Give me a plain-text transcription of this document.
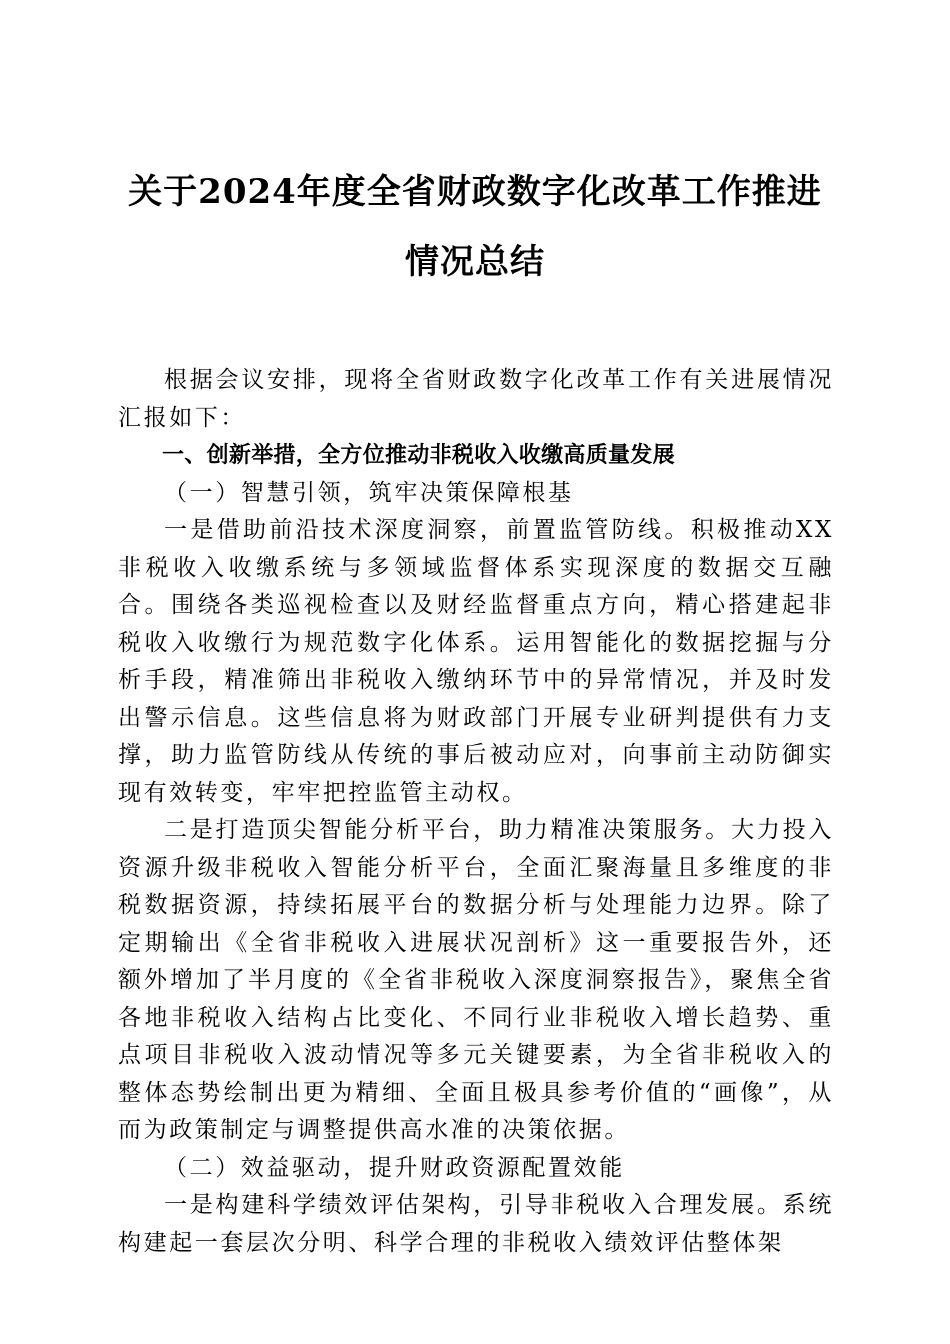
关于2024年度全省财政数字化改革工作推进
情况总结

根据会议安排，现将全省财政数字化改革工作有关进展情况汇报如下：

一、创新举措，全方位推动非税收入收缴高质量发展

（一）智慧引领，筑牢决策保障根基

一是借助前沿技术深度洞察，前置监管防线。积极推动XX非税收入收缴系统与多领域监督体系实现深度的数据交互融合。围绕各类巡视检查以及财经监督重点方向，精心搭建起非税收入收缴行为规范数字化体系。运用智能化的数据挖掘与分析手段，精准筛出非税收入缴纳环节中的异常情况，并及时发出警示信息。这些信息将为财政部门开展专业研判提供有力支撑，助力监管防线从传统的事后被动应对，向事前主动防御实现有效转变，牢牢把控监管主动权。

二是打造顶尖智能分析平台，助力精准决策服务。大力投入资源升级非税收入智能分析平台，全面汇聚海量且多维度的非税数据资源，持续拓展平台的数据分析与处理能力边界。除了定期输出《全省非税收入进展状况剖析》这一重要报告外，还额外增加了半月度的《全省非税收入深度洞察报告》，聚焦全省各地非税收入结构占比变化、不同行业非税收入增长趋势、重点项目非税收入波动情况等多元关键要素，为全省非税收入的整体态势绘制出更为精细、全面且极具参考价值的“画像”，从而为政策制定与调整提供高水准的决策依据。

（二）效益驱动，提升财政资源配置效能

一是构建科学绩效评估架构，引导非税收入合理发展。系统构建起一套层次分明、科学合理的非税收入绩效评估整体架
